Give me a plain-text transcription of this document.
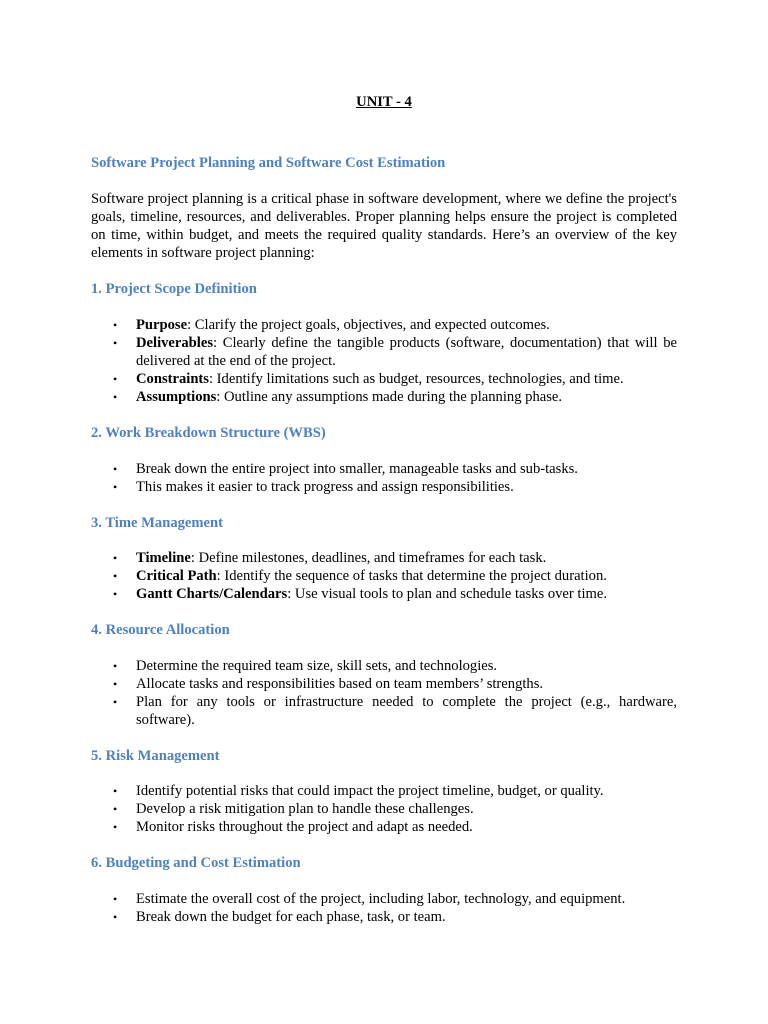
UNIT - 4
Software Project Planning and Software Cost Estimation

Software project planning is a critical phase in software development, where we define the project's goals, timeline, resources, and deliverables. Proper planning helps ensure the project is completed on time, within budget, and meets the required quality standards. Here’s an overview of the key elements in software project planning:

1. Project Scope Definition
• Purpose: Clarify the project goals, objectives, and expected outcomes.
• Deliverables: Clearly define the tangible products (software, documentation) that will be delivered at the end of the project.
• Constraints: Identify limitations such as budget, resources, technologies, and time.
• Assumptions: Outline any assumptions made during the planning phase.
2. Work Breakdown Structure (WBS)
• Break down the entire project into smaller, manageable tasks and sub-tasks.
• This makes it easier to track progress and assign responsibilities.
3. Time Management
• Timeline: Define milestones, deadlines, and timeframes for each task.
• Critical Path: Identify the sequence of tasks that determine the project duration.
• Gantt Charts/Calendars: Use visual tools to plan and schedule tasks over time.
4. Resource Allocation
• Determine the required team size, skill sets, and technologies.
• Allocate tasks and responsibilities based on team members’ strengths.
• Plan for any tools or infrastructure needed to complete the project (e.g., hardware, software).
5. Risk Management
• Identify potential risks that could impact the project timeline, budget, or quality.
• Develop a risk mitigation plan to handle these challenges.
• Monitor risks throughout the project and adapt as needed.
6. Budgeting and Cost Estimation
• Estimate the overall cost of the project, including labor, technology, and equipment.
• Break down the budget for each phase, task, or team.
